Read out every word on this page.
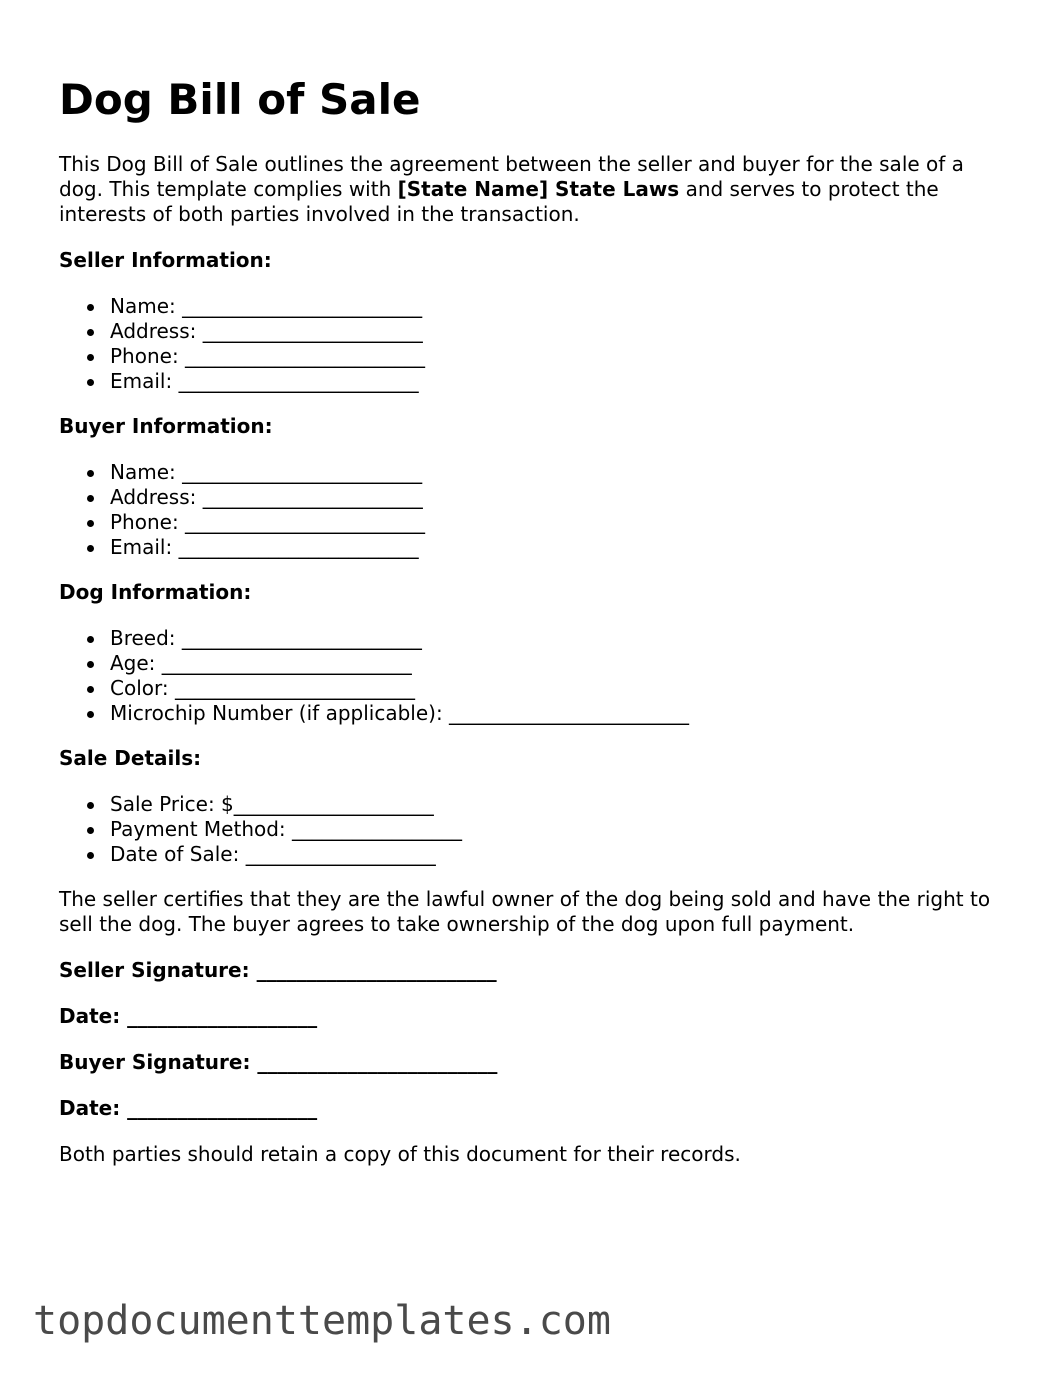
Dog Bill of Sale

This Dog Bill of Sale outlines the agreement between the seller and buyer for the sale of a dog. This template complies with [State Name] State Laws and serves to protect the interests of both parties involved in the transaction.

Seller Information:
Name: ________________________
Address: ______________________
Phone: ________________________
Email: ________________________
Buyer Information:
Name: ________________________
Address: ______________________
Phone: ________________________
Email: ________________________
Dog Information:
Breed: ________________________
Age: _________________________
Color: ________________________
Microchip Number (if applicable): ________________________
Sale Details:
Sale Price: $____________________
Payment Method: _________________
Date of Sale: ___________________

The seller certifies that they are the lawful owner of the dog being sold and have the right to sell the dog. The buyer agrees to take ownership of the dog upon full payment.

Seller Signature: ________________________
Date: ___________________
Buyer Signature: ________________________
Date: ___________________

Both parties should retain a copy of this document for their records.

topdocumenttemplates.com
